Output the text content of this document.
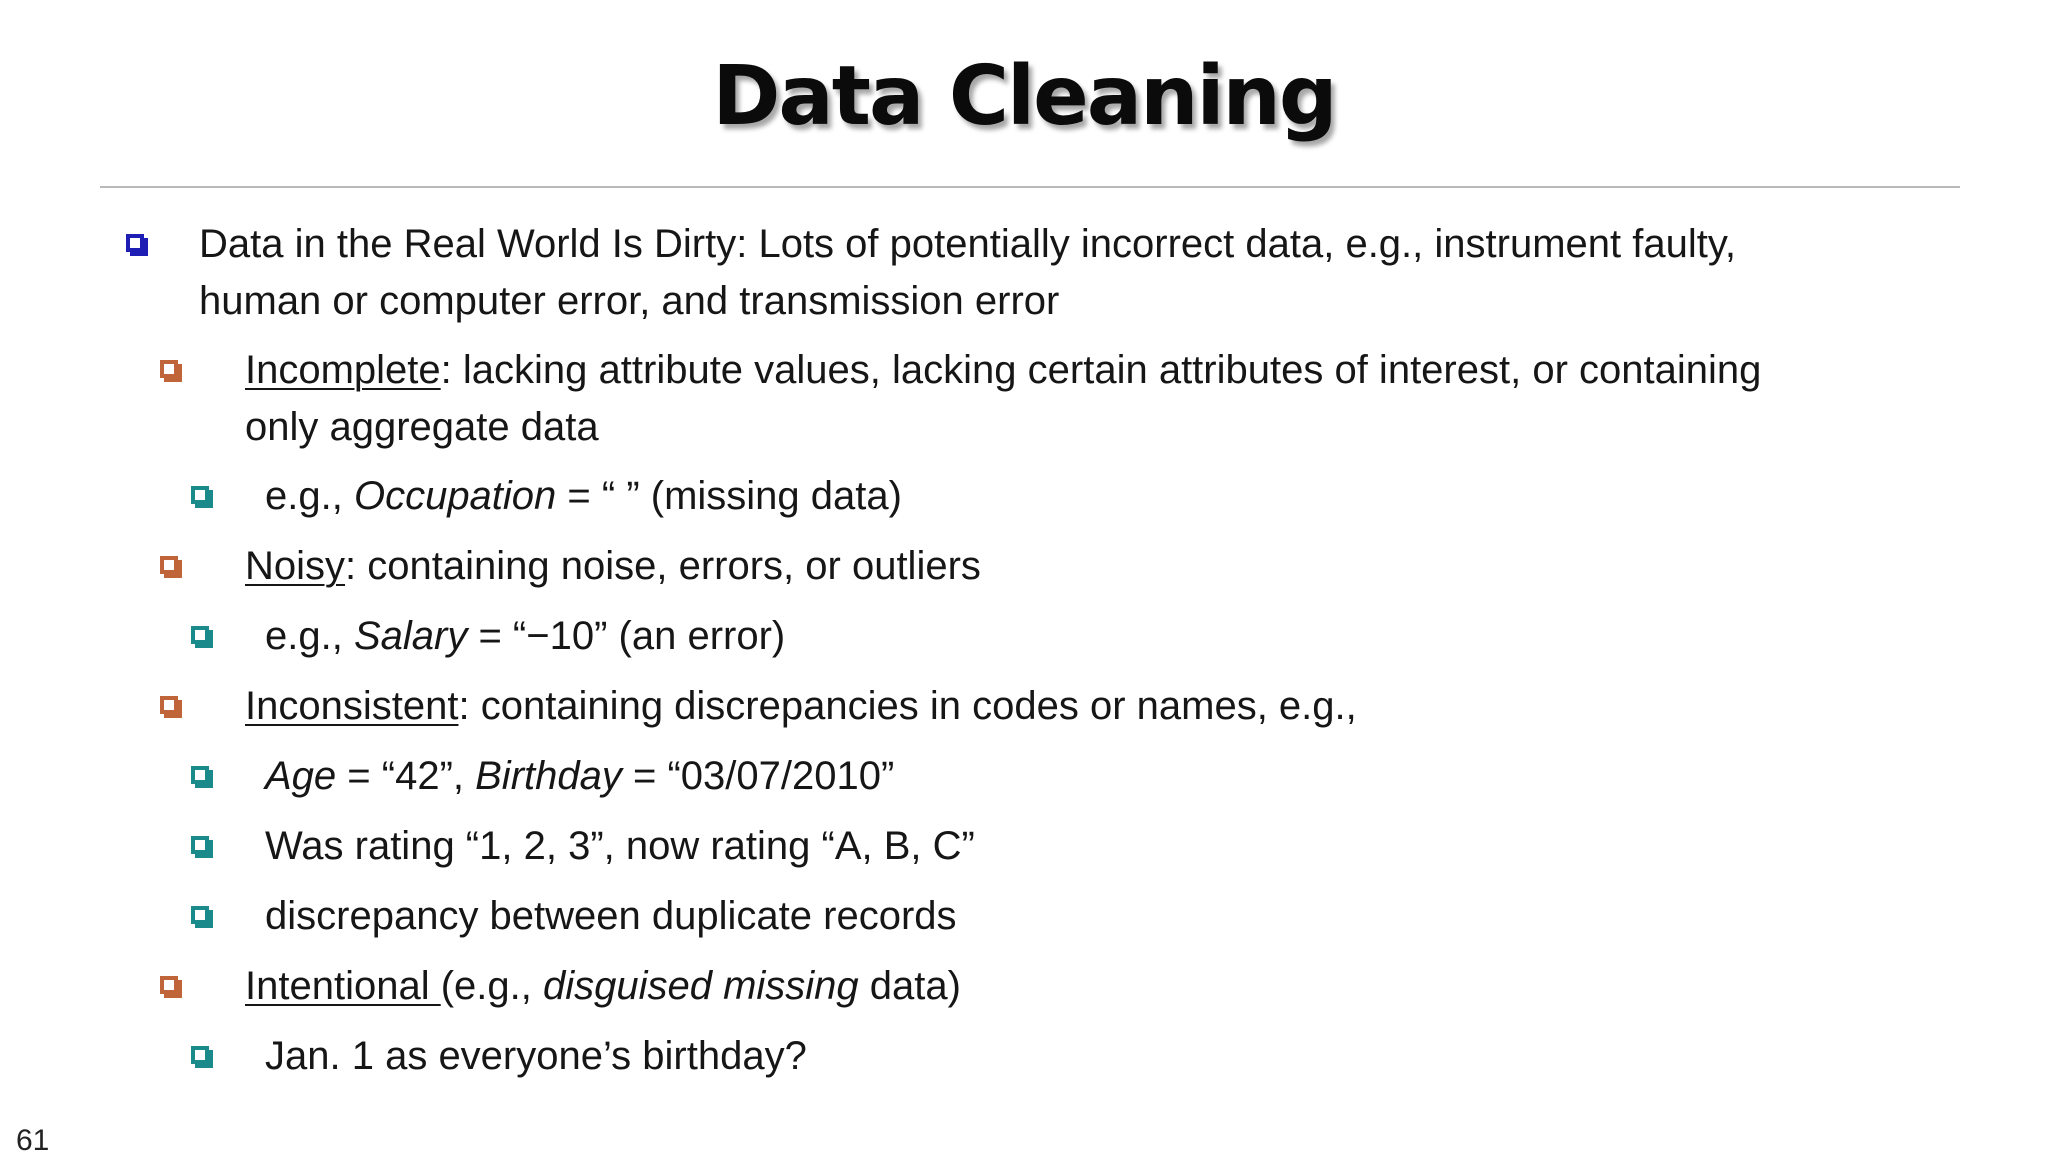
Data Cleaning
Data in the Real World Is Dirty: Lots of potentially incorrect data, e.g., instrument faulty,
human or computer error, and transmission error
Incomplete: lacking attribute values, lacking certain attributes of interest, or containing
only aggregate data
e.g., Occupation = “ ” (missing data)
Noisy: containing noise, errors, or outliers
e.g., Salary = “−10” (an error)
Inconsistent: containing discrepancies in codes or names, e.g.,
Age = “42”, Birthday = “03/07/2010”
Was rating “1, 2, 3”, now rating “A, B, C”
discrepancy between duplicate records
Intentional (e.g., disguised missing data)
Jan. 1 as everyone’s birthday?
61
